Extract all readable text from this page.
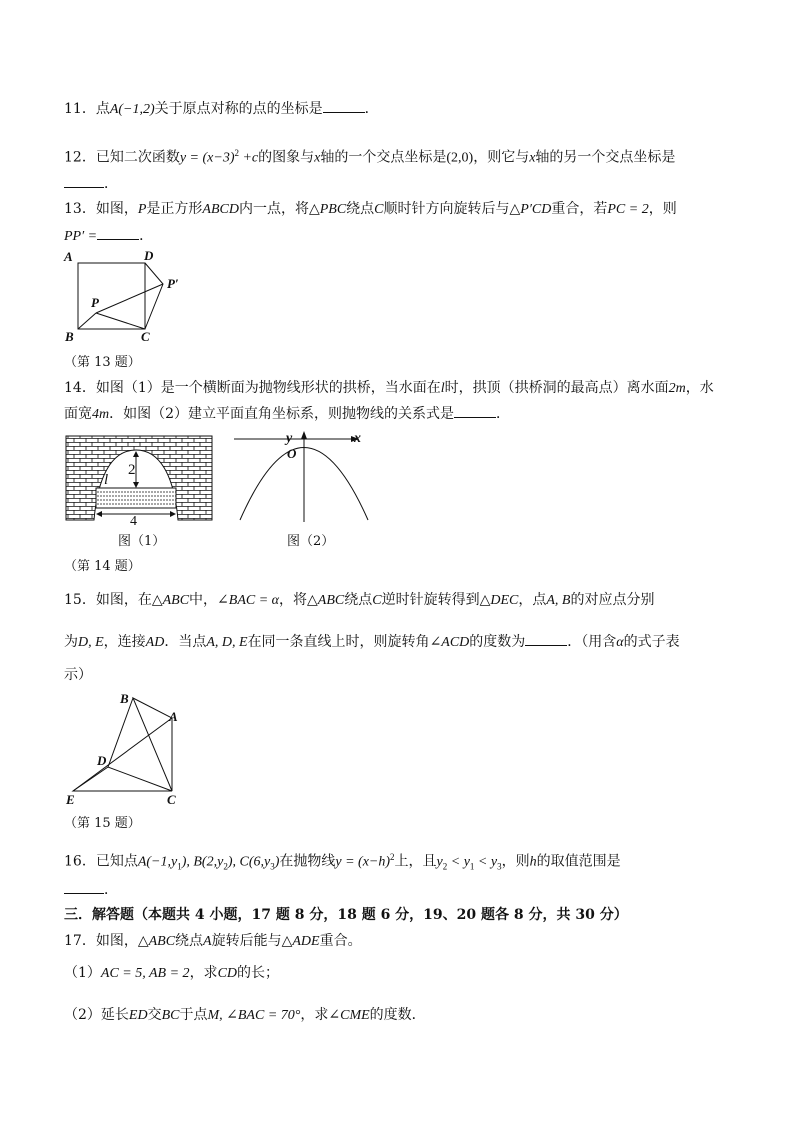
11．点A(−1,2)关于原点对称的点的坐标是	．
12．已知二次函数$y = (x-3)^2 +c$的图象与x轴的一个交点坐标是(2,0)，则它与x轴的另一个交点坐标是
．
13．如图，P是正方形ABCD内一点，将△PBC绕点C顺时针方向旋转后与△P′CD重合，若PC = 2，则
PP′ =	．
A	D
P
P′
B	C
（第 13 题）
14．如图（1）是一个横断面为抛物线形状的拱桥，当水面在l时，拱顶（拱桥洞的最高点）离水面2m，水
面宽4m．如图（2）建立平面直角坐标系，则抛物线的关系式是	．
2
l
4
图（1）
y	x
O
图（2）
（第 14 题）
15．如图，在△ABC中，∠BAC = α，将△ABC绕点C逆时针旋转得到△DEC，点A, B的对应点分别
为D, E，连接AD．当点A, D, E在同一条直线上时，则旋转角∠ACD的度数为	．（用含α的式子表
示）
B
A
D
E	C
（第 15 题）
16．已知点$A(-1,y_1)$, $B(2,y_2)$, $C(6,y_3)$在抛物线$y = (x-h)^2$上，且$y_2 < y_1 < y_3$，则h的取值范围是
．
三．解答题（本题共 4 小题，17 题 8 分，18 题 6 分，19、20 题各 8 分，共 30 分）
17．如图，△ABC绕点A旋转后能与△ADE重合。
（1）AC = 5, AB = 2，求CD的长；
（2）延长ED交BC于点M, ∠BAC = 70°，求∠CME的度数．
